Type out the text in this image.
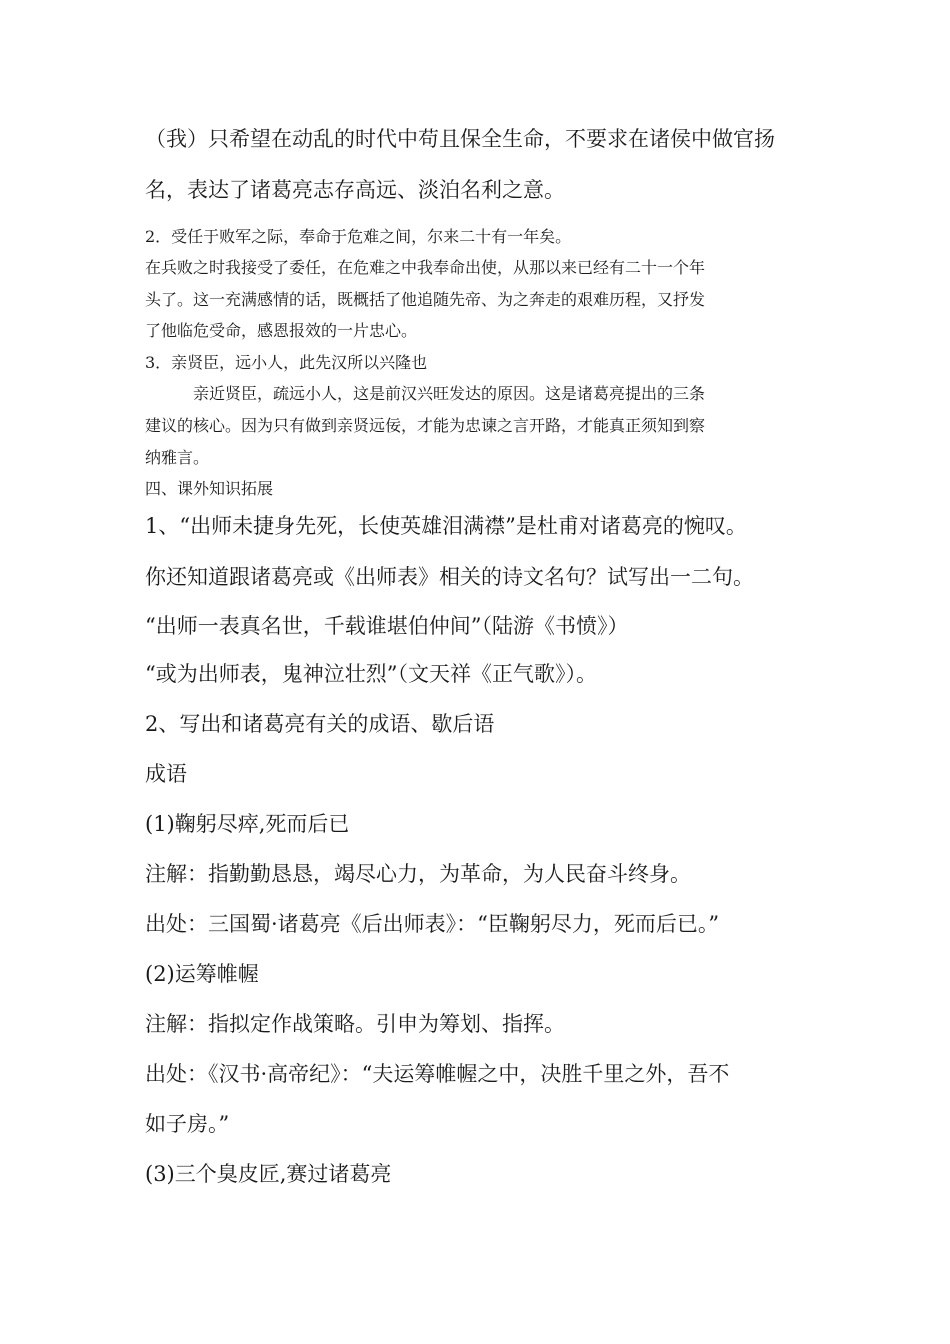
（我）只希望在动乱的时代中苟且保全生命，不要求在诸侯中做官扬

名，表达了诸葛亮志存高远、淡泊名利之意。

2．受任于败军之际，奉命于危难之间，尔来二十有一年矣。

在兵败之时我接受了委任，在危难之中我奉命出使，从那以来已经有二十一个年

头了。这一充满感情的话，既概括了他追随先帝、为之奔走的艰难历程，又抒发

了他临危受命，感恩报效的一片忠心。

3．亲贤臣，远小人，此先汉所以兴隆也

亲近贤臣，疏远小人，这是前汉兴旺发达的原因。这是诸葛亮提出的三条

建议的核心。因为只有做到亲贤远佞，才能为忠谏之言开路，才能真正须知到察

纳雅言。

四、课外知识拓展

1、“出师未捷身先死，长使英雄泪满襟”是杜甫对诸葛亮的惋叹。

你还知道跟诸葛亮或《出师表》相关的诗文名句？试写出一二句。

“出师一表真名世，千载谁堪伯仲间”（陆游《书愤》）

“或为出师表，鬼神泣壮烈”（文天祥《正气歌》）。

2、写出和诸葛亮有关的成语、歇后语

成语

(1)鞠躬尽瘁,死而后已

注解：指勤勤恳恳，竭尽心力，为革命，为人民奋斗终身。

出处：三国蜀·诸葛亮《后出师表》：“臣鞠躬尽力，死而后已。”

(2)运筹帷幄

注解：指拟定作战策略。引申为筹划、指挥。

出处：《汉书·高帝纪》：“夫运筹帷幄之中，决胜千里之外，吾不

如子房。”

(3)三个臭皮匠,赛过诸葛亮
